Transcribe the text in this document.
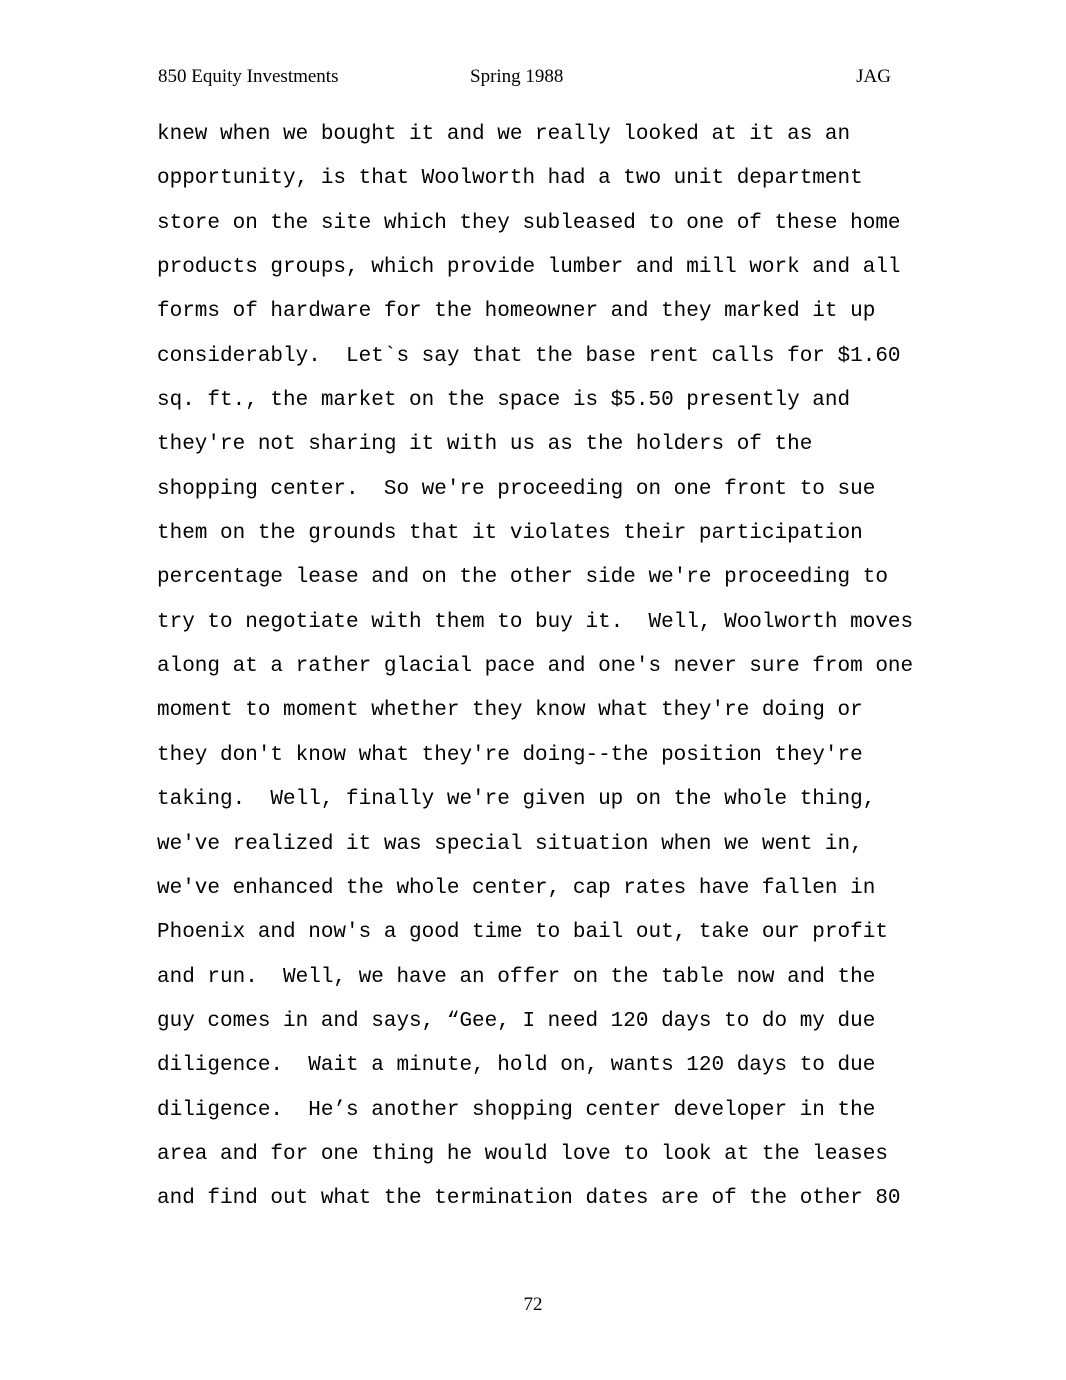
850 Equity Investments	Spring 1988	JAG
knew when we bought it and we really looked at it as an
opportunity, is that Woolworth had a two unit department
store on the site which they subleased to one of these home
products groups, which provide lumber and mill work and all
forms of hardware for the homeowner and they marked it up
considerably.  Let`s say that the base rent calls for $1.60
sq. ft., the market on the space is $5.50 presently and
they're not sharing it with us as the holders of the
shopping center.  So we're proceeding on one front to sue
them on the grounds that it violates their participation
percentage lease and on the other side we're proceeding to
try to negotiate with them to buy it.  Well, Woolworth moves
along at a rather glacial pace and one's never sure from one
moment to moment whether they know what they're doing or
they don't know what they're doing--the position they're
taking.  Well, finally we're given up on the whole thing,
we've realized it was special situation when we went in,
we've enhanced the whole center, cap rates have fallen in
Phoenix and now's a good time to bail out, take our profit
and run.  Well, we have an offer on the table now and the
guy comes in and says, “Gee, I need 120 days to do my due
diligence.  Wait a minute, hold on, wants 120 days to due
diligence.  He’s another shopping center developer in the
area and for one thing he would love to look at the leases
and find out what the termination dates are of the other 80
72
